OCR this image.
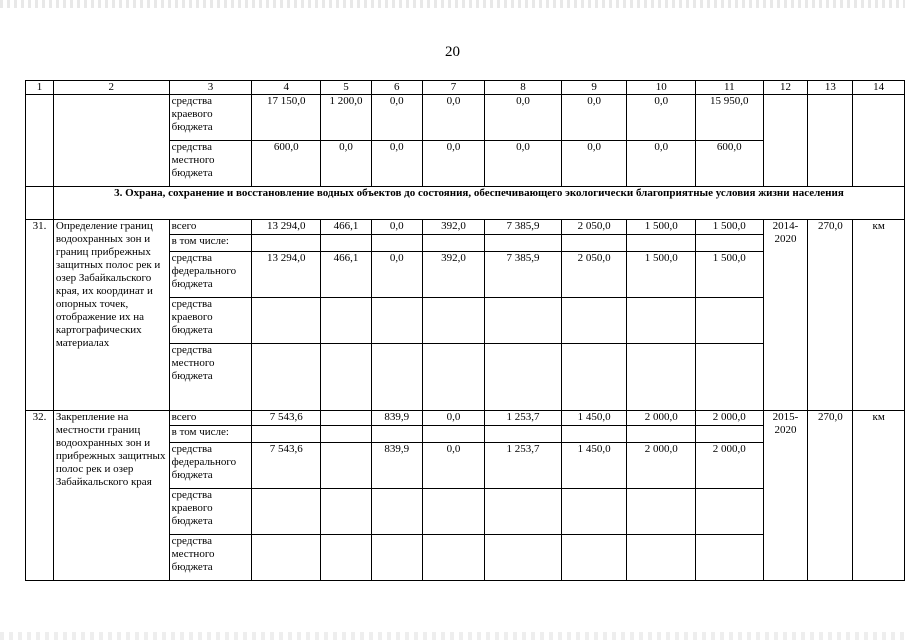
20
1	2	3	4	5	6	7	8	9	10	11	12	13	14
		средства краевого бюджета	17 150,0	1 200,0	0,0	0,0	0,0	0,0	0,0	15 950,0			
		средства местного бюджета	600,0	0,0	0,0	0,0	0,0	0,0	0,0	600,0			
	3. Охрана, сохранение и восстановление водных объектов до состояния, обеспечивающего экологически благоприятные условия жизни населения												
31.	Определение границ водоохранных зон и границ прибрежных защитных полос рек и озер Забайкальского края, их координат и опорных точек, отображение их на картографических материалах	всего	13 294,0	466,1	0,0	392,0	7 385,9	2 050,0	1 500,0	1 500,0	2014-2020	270,0	км
		в том числе:											
		средства федерального бюджета	13 294,0	466,1	0,0	392,0	7 385,9	2 050,0	1 500,0	1 500,0			
		средства краевого бюджета											
		средства местного бюджета											
32.	Закрепление на местности границ водоохранных зон и прибрежных защитных полос рек и озер Забайкальского края	всего	7 543,6		839,9	0,0	1 253,7	1 450,0	2 000,0	2 000,0	2015-2020	270,0	км
		в том числе:											
		средства федерального бюджета	7 543,6		839,9	0,0	1 253,7	1 450,0	2 000,0	2 000,0			
		средства краевого бюджета											
		средства местного бюджета											
